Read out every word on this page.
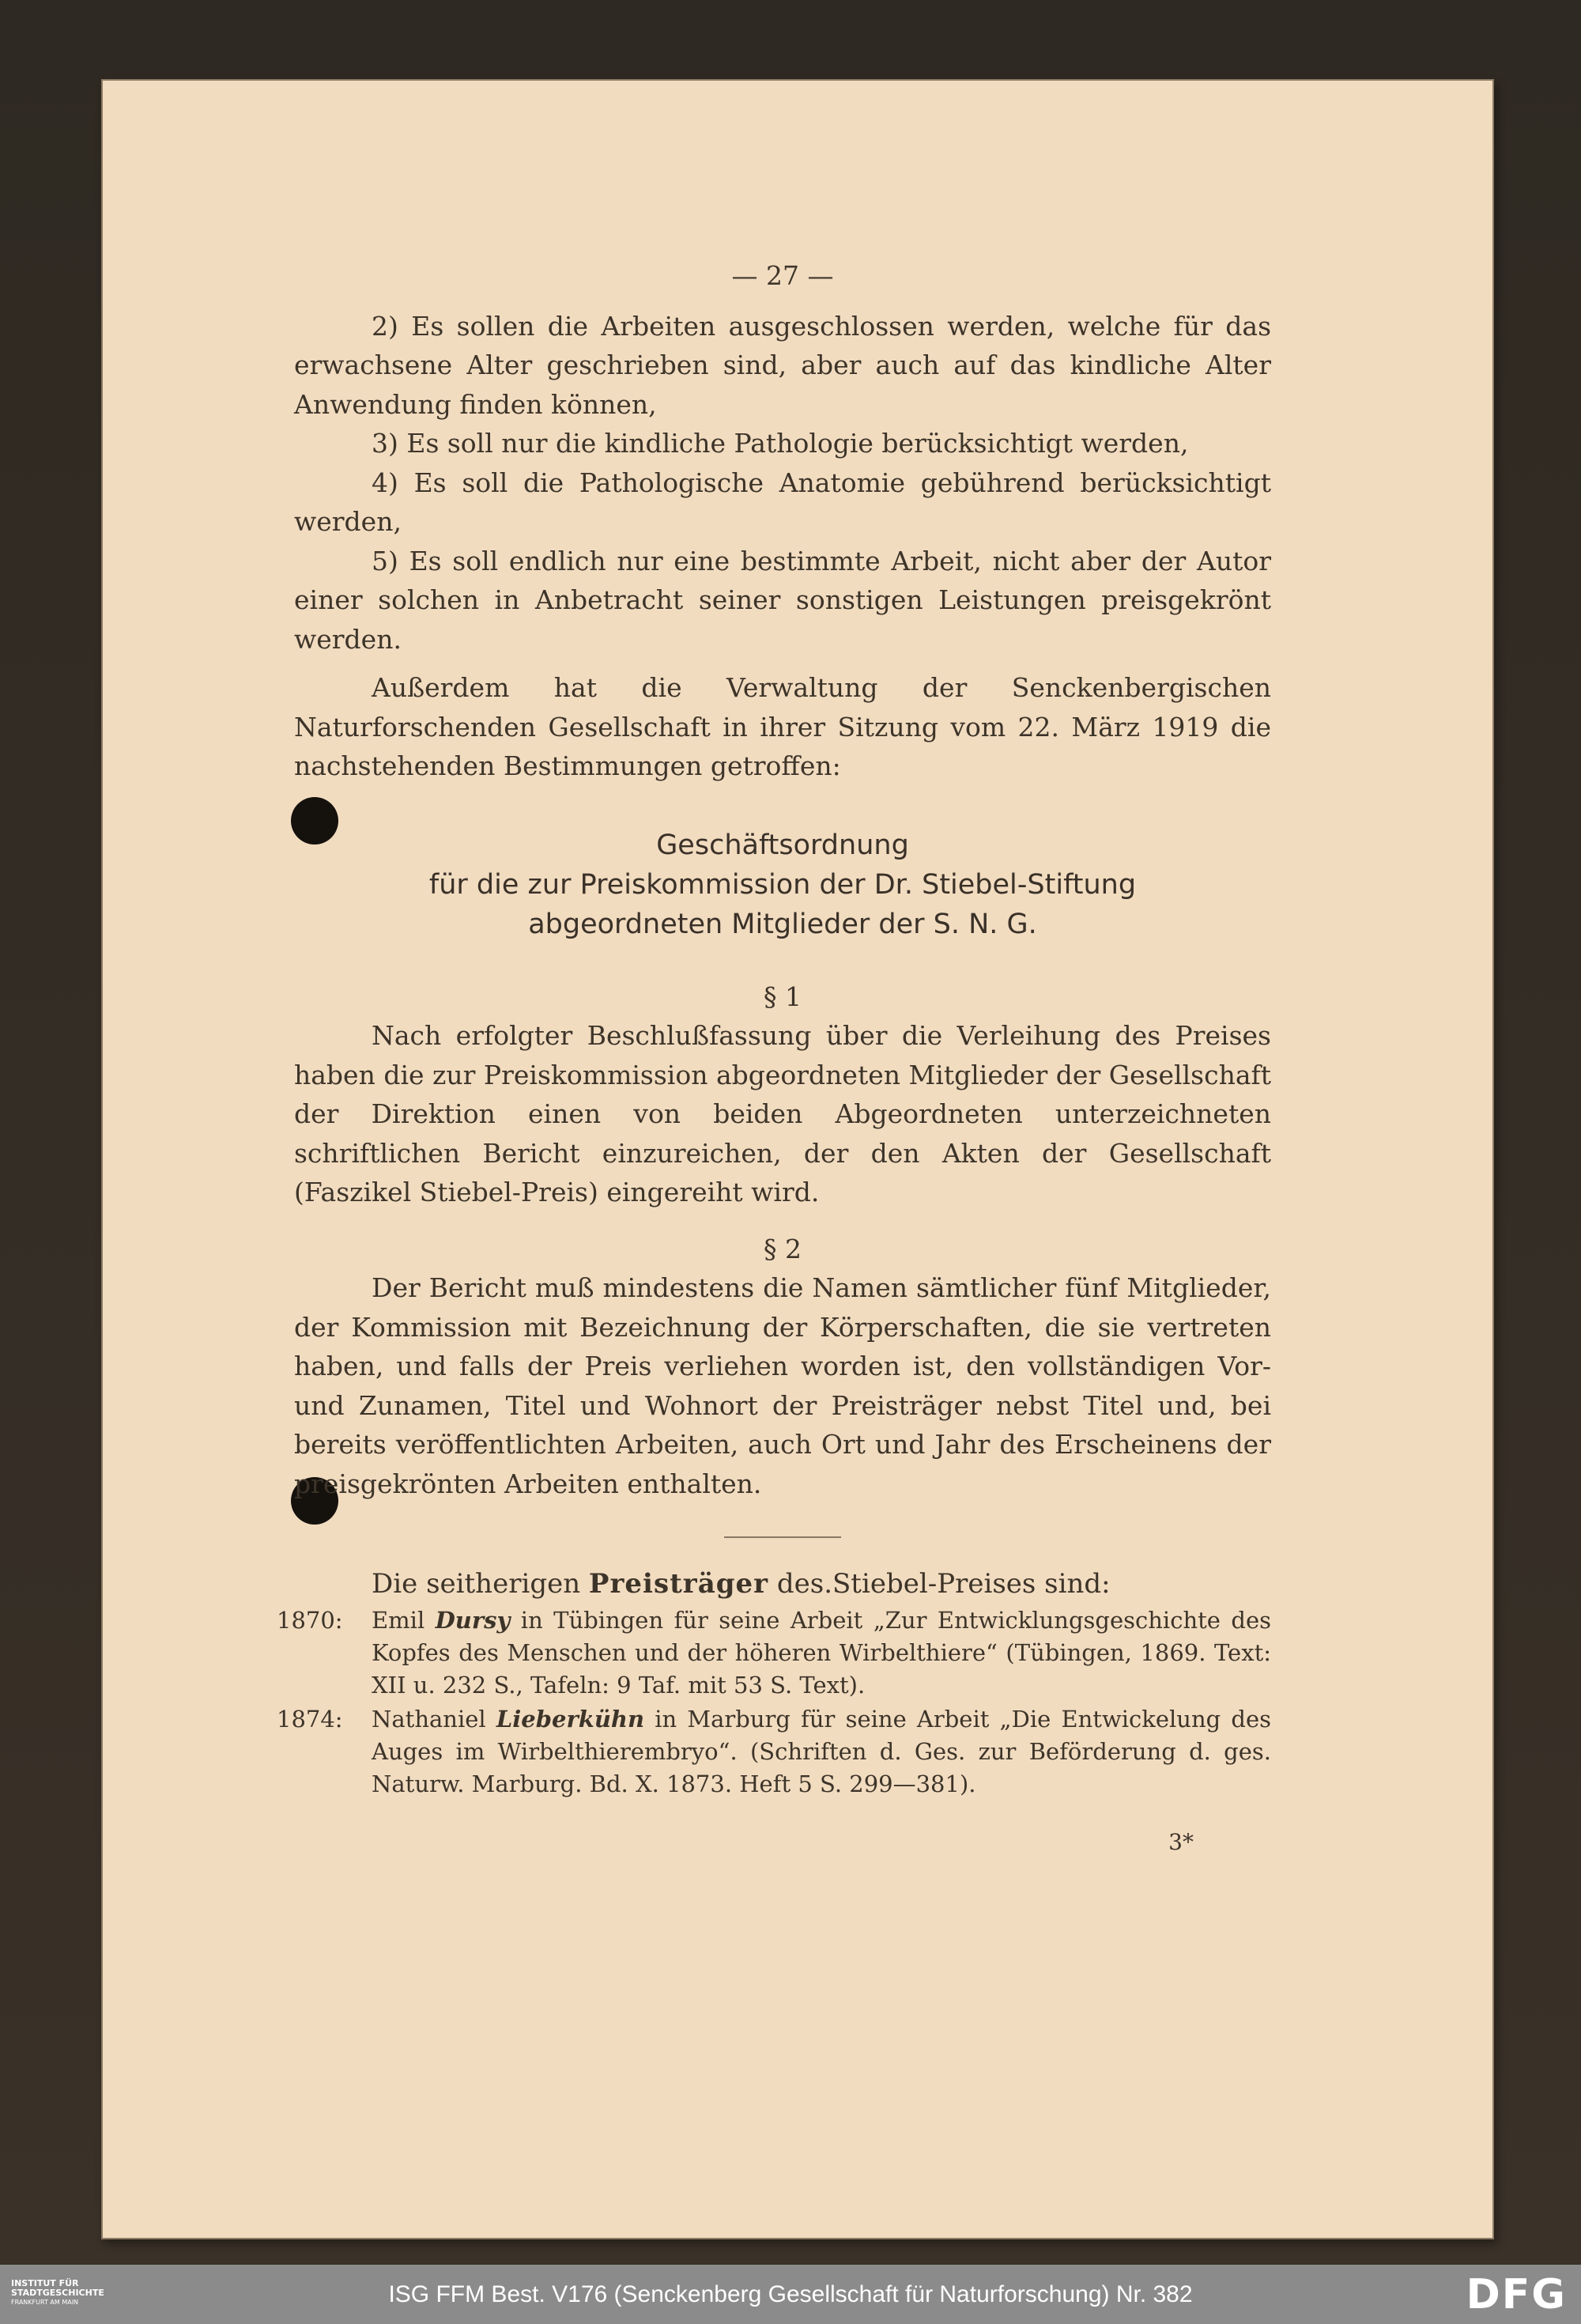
— 27 —
2) Es sollen die Arbeiten ausgeschlossen werden, welche für das erwachsene Alter geschrieben sind, aber auch auf das kindliche Alter Anwendung finden können,
3) Es soll nur die kindliche Pathologie berücksichtigt werden,
4) Es soll die Pathologische Anatomie gebührend berücksichtigt werden,
5) Es soll endlich nur eine bestimmte Arbeit, nicht aber der Autor einer solchen in Anbetracht seiner sonstigen Leistungen preisgekrönt werden.
Außerdem hat die Verwaltung der Senckenbergischen Naturforschenden Gesellschaft in ihrer Sitzung vom 22. März 1919 die nachstehenden Bestimmungen getroffen:
Geschäftsordnung
für die zur Preiskommission der Dr. Stiebel-Stiftung
abgeordneten Mitglieder der S. N. G.
§ 1
Nach erfolgter Beschlußfassung über die Verleihung des Preises haben die zur Preiskommission abgeordneten Mitglieder der Gesellschaft der Direktion einen von beiden Abgeordneten unterzeichneten schriftlichen Bericht einzureichen, der den Akten der Gesellschaft (Faszikel Stiebel-Preis) eingereiht wird.
§ 2
Der Bericht muß mindestens die Namen sämtlicher fünf Mitglieder, der Kommission mit Bezeichnung der Körperschaften, die sie vertreten haben, und falls der Preis verliehen worden ist, den vollständigen Vor- und Zunamen, Titel und Wohnort der Preisträger nebst Titel und, bei bereits veröffentlichten Arbeiten, auch Ort und Jahr des Erscheinens der preisgekrönten Arbeiten enthalten.
Die seitherigen Preisträger des.Stiebel-Preises sind:
1870:	Emil Dursy in Tübingen für seine Arbeit „Zur Entwicklungsgeschichte des Kopfes des Menschen und der höheren Wirbelthiere“ (Tübingen, 1869. Text: XII u. 232 S., Tafeln: 9 Taf. mit 53 S. Text).
1874:	Nathaniel Lieberkühn in Marburg für seine Arbeit „Die Entwickelung des Auges im Wirbelthierembryo“. (Schriften d. Ges. zur Beförderung d. ges. Naturw. Marburg. Bd. X. 1873. Heft 5 S. 299—381).
3*
INSTITUT FÜR
STADTGESCHICHTE
FRANKFURT AM MAIN	ISG FFM Best. V176 (Senckenberg Gesellschaft für Naturforschung) Nr. 382	DFG
